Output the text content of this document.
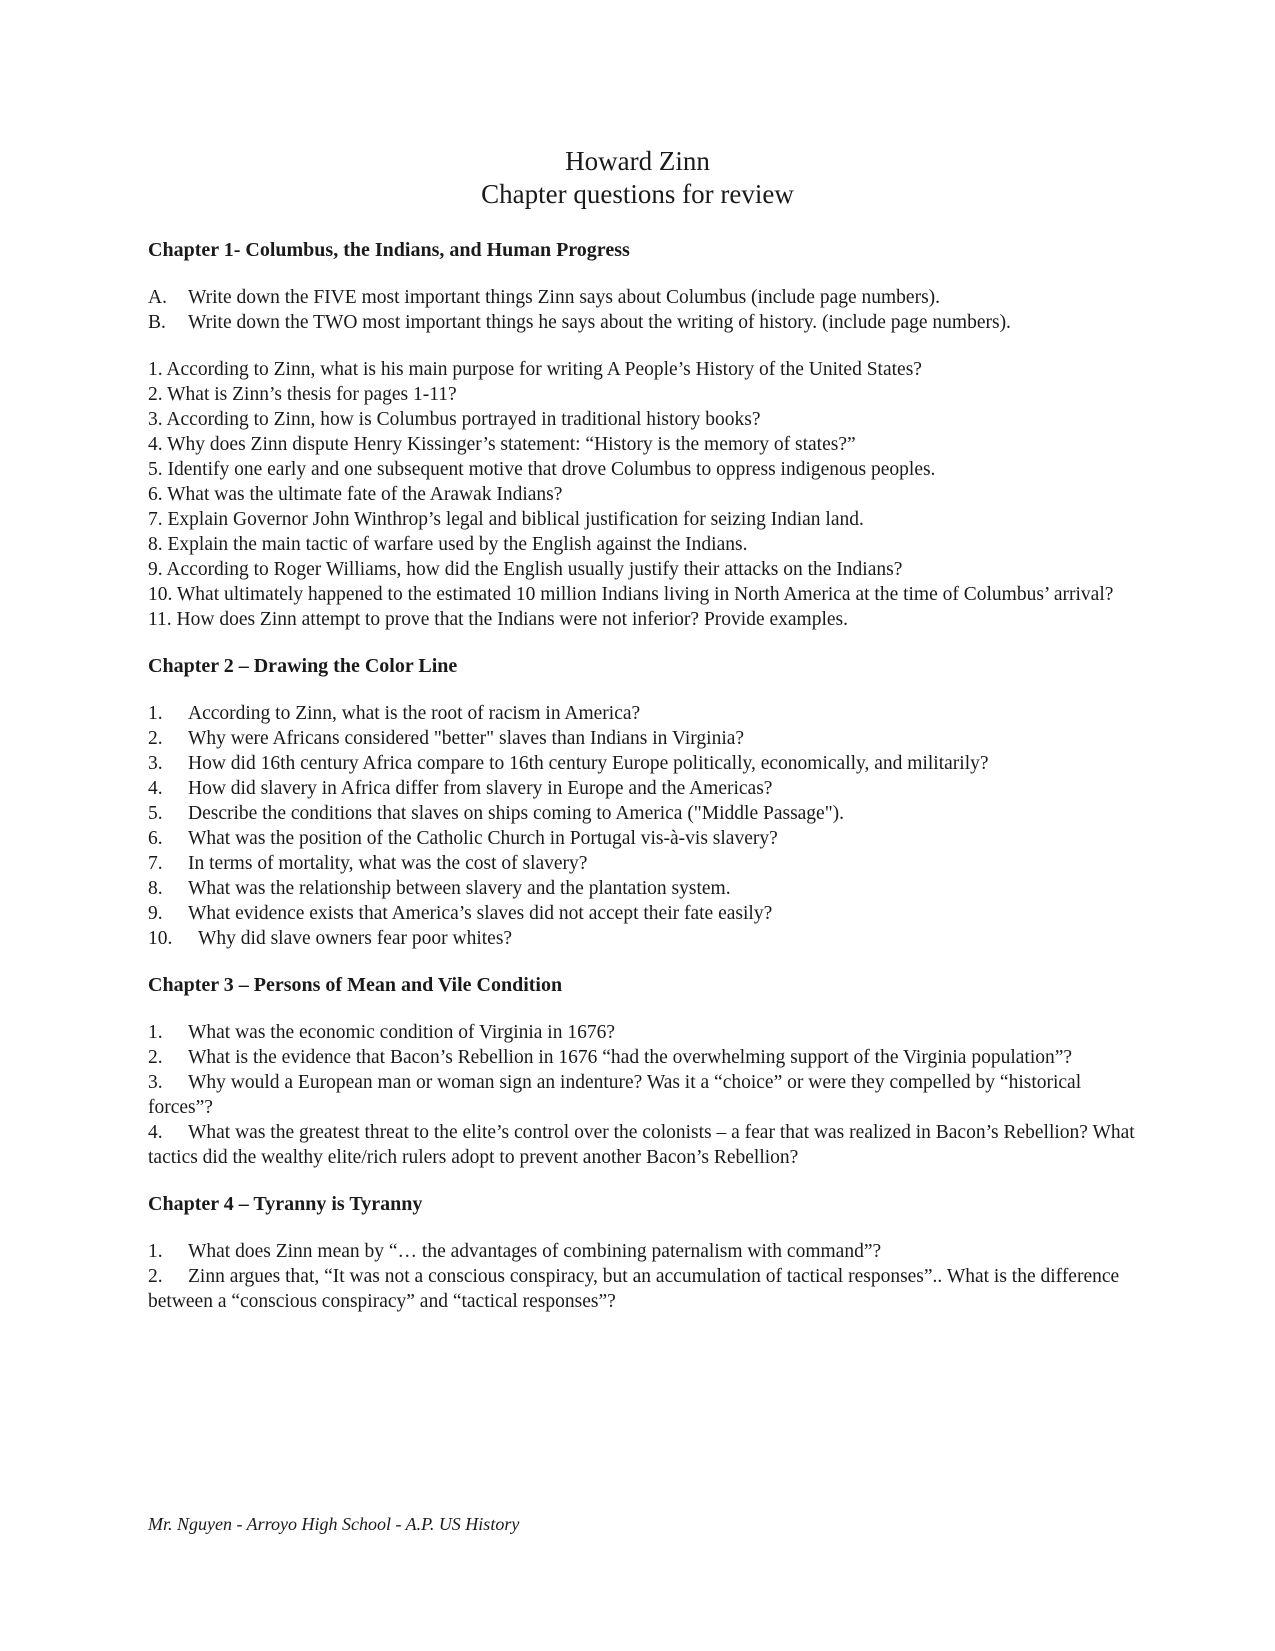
Howard Zinn
Chapter questions for review
Chapter 1- Columbus, the Indians, and Human Progress

A. Write down the FIVE most important things Zinn says about Columbus (include page numbers).

B. Write down the TWO most important things he says about the writing of history. (include page numbers).

1. According to Zinn, what is his main purpose for writing A People’s History of the United States?

2. What is Zinn’s thesis for pages 1-11?

3. According to Zinn, how is Columbus portrayed in traditional history books?

4. Why does Zinn dispute Henry Kissinger’s statement: “History is the memory of states?”

5. Identify one early and one subsequent motive that drove Columbus to oppress indigenous peoples.

6. What was the ultimate fate of the Arawak Indians?

7. Explain Governor John Winthrop’s legal and biblical justification for seizing Indian land.

8. Explain the main tactic of warfare used by the English against the Indians.

9. According to Roger Williams, how did the English usually justify their attacks on the Indians?

10. What ultimately happened to the estimated 10 million Indians living in North America at the time of Columbus’ arrival?

11. How does Zinn attempt to prove that the Indians were not inferior? Provide examples.

Chapter 2 – Drawing the Color Line

1. According to Zinn, what is the root of racism in America?

2. Why were Africans considered "better" slaves than Indians in Virginia?

3. How did 16th century Africa compare to 16th century Europe politically, economically, and militarily?

4. How did slavery in Africa differ from slavery in Europe and the Americas?

5. Describe the conditions that slaves on ships coming to America ("Middle Passage").

6. What was the position of the Catholic Church in Portugal vis-à-vis slavery?

7. In terms of mortality, what was the cost of slavery?

8. What was the relationship between slavery and the plantation system.

9. What evidence exists that America’s slaves did not accept their fate easily?

10. Why did slave owners fear poor whites?

Chapter 3 – Persons of Mean and Vile Condition

1. What was the economic condition of Virginia in 1676?

2. What is the evidence that Bacon’s Rebellion in 1676 “had the overwhelming support of the Virginia population”?

3. Why would a European man or woman sign an indenture? Was it a “choice” or were they compelled by “historical forces”?

4. What was the greatest threat to the elite’s control over the colonists – a fear that was realized in Bacon’s Rebellion? What tactics did the wealthy elite/rich rulers adopt to prevent another Bacon’s Rebellion?

Chapter 4 – Tyranny is Tyranny

1. What does Zinn mean by “… the advantages of combining paternalism with command”?

2. Zinn argues that, “It was not a conscious conspiracy, but an accumulation of tactical responses”.. What is the difference between a “conscious conspiracy” and “tactical responses”?

Mr. Nguyen - Arroyo High School - A.P. US History
